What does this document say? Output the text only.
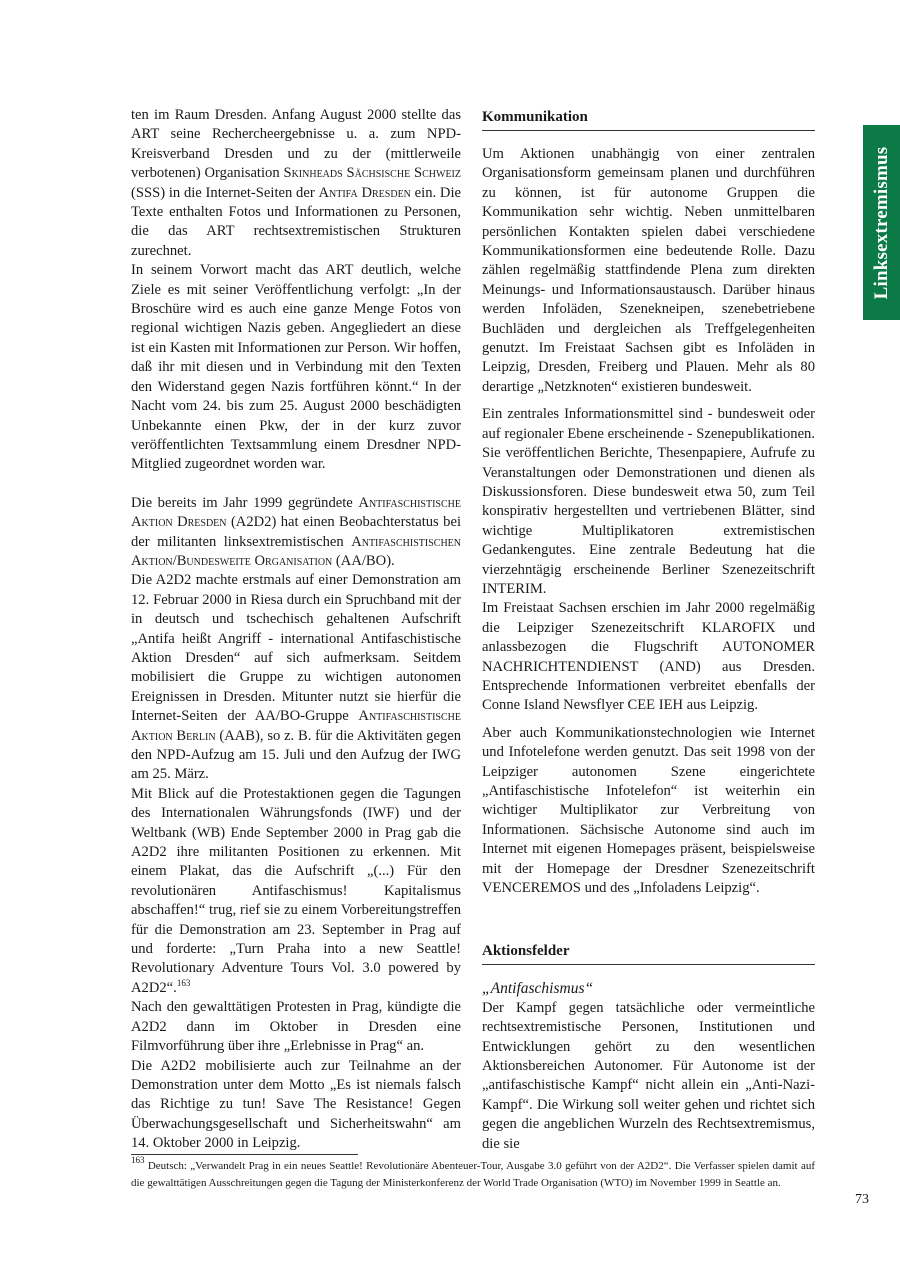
Linksextremismus

ten im Raum Dresden. Anfang August 2000 stellte das ART seine Rechercheergebnisse u. a. zum NPD-Kreisverband Dresden und zu der (mittlerweile verbotenen) Organisation Skinheads Sächsische Schweiz (SSS) in die Internet-Seiten der Antifa Dresden ein. Die Texte enthalten Fotos und Informationen zu Personen, die das ART rechtsextremistischen Strukturen zurechnet.

In seinem Vorwort macht das ART deutlich, welche Ziele es mit seiner Veröffentlichung verfolgt: „In der Broschüre wird es auch eine ganze Menge Fotos von regional wichtigen Nazis geben. Angegliedert an diese ist ein Kasten mit Informationen zur Person. Wir hoffen, daß ihr mit diesen und in Verbindung mit den Texten den Widerstand gegen Nazis fortführen könnt.“ In der Nacht vom 24. bis zum 25. August 2000 beschädigten Unbekannte einen Pkw, der in der kurz zuvor veröffentlichten Textsammlung einem Dresdner NPD-Mitglied zugeordnet worden war.

Die bereits im Jahr 1999 gegründete Antifaschistische Aktion Dresden (A2D2) hat einen Beobachterstatus bei der militanten linksextremistischen Antifaschistischen Aktion/Bundesweite Organisation (AA/BO).

Die A2D2 machte erstmals auf einer Demonstration am 12. Februar 2000 in Riesa durch ein Spruchband mit der in deutsch und tschechisch gehaltenen Aufschrift „Antifa heißt Angriff - international Antifaschistische Aktion Dresden“ auf sich aufmerksam. Seitdem mobilisiert die Gruppe zu wichtigen autonomen Ereignissen in Dresden. Mitunter nutzt sie hierfür die Internet-Seiten der AA/BO-Gruppe Antifaschistische Aktion Berlin (AAB), so z. B. für die Aktivitäten gegen den NPD-Aufzug am 15. Juli und den Aufzug der IWG am 25. März.

Mit Blick auf die Protestaktionen gegen die Tagungen des Internationalen Währungsfonds (IWF) und der Weltbank (WB) Ende September 2000 in Prag gab die A2D2 ihre militanten Positionen zu erkennen. Mit einem Plakat, das die Aufschrift „(...) Für den revolutionären Antifaschismus! Kapitalismus abschaffen!“ trug, rief sie zu einem Vorbereitungstreffen für die Demonstration am 23. September in Prag auf und forderte: „Turn Praha into a new Seattle! Revolutionary Adventure Tours Vol. 3.0 powered by A2D2“.$^{163}$

Nach den gewalttätigen Protesten in Prag, kündigte die A2D2 dann im Oktober in Dresden eine Filmvorführung über ihre „Erlebnisse in Prag“ an.

Die A2D2 mobilisierte auch zur Teilnahme an der Demonstration unter dem Motto „Es ist niemals falsch das Richtige zu tun! Save The Resistance! Gegen Überwachungsgesellschaft und Sicherheitswahn“ am 14. Oktober 2000 in Leipzig.

Kommunikation

Um Aktionen unabhängig von einer zentralen Organisationsform gemeinsam planen und durchführen zu können, ist für autonome Gruppen die Kommunikation sehr wichtig. Neben unmittelbaren persönlichen Kontakten spielen dabei verschiedene Kommunikationsformen eine bedeutende Rolle. Dazu zählen regelmäßig stattfindende Plena zum direkten Meinungs- und Informationsaustausch. Darüber hinaus werden Infoläden, Szenekneipen, szenebetriebene Buchläden und dergleichen als Treffgelegenheiten genutzt. Im Freistaat Sachsen gibt es Infoläden in Leipzig, Dresden, Freiberg und Plauen. Mehr als 80 derartige „Netzknoten“ existieren bundesweit.

Ein zentrales Informationsmittel sind - bundesweit oder auf regionaler Ebene erscheinende - Szenepublikationen. Sie veröffentlichen Berichte, Thesenpapiere, Aufrufe zu Veranstaltungen oder Demonstrationen und dienen als Diskussionsforen. Diese bundesweit etwa 50, zum Teil konspirativ hergestellten und vertriebenen Blätter, sind wichtige Multiplikatoren extremistischen Gedankengutes. Eine zentrale Bedeutung hat die vierzehntägig erscheinende Berliner Szenezeitschrift INTERIM.

Im Freistaat Sachsen erschien im Jahr 2000 regelmäßig die Leipziger Szenezeitschrift KLAROFIX und anlassbezogen die Flugschrift AUTONOMER NACHRICHTENDIENST (AND) aus Dresden. Entsprechende Informationen verbreitet ebenfalls der Conne Island Newsflyer CEE IEH aus Leipzig.

Aber auch Kommunikationstechnologien wie Internet und Infotelefone werden genutzt. Das seit 1998 von der Leipziger autonomen Szene eingerichtete „Antifaschistische Infotelefon“ ist weiterhin ein wichtiger Multiplikator zur Verbreitung von Informationen. Sächsische Autonome sind auch im Internet mit eigenen Homepages präsent, beispielsweise mit der Homepage der Dresdner Szenezeitschrift VENCEREMOS und des „Infoladens Leipzig“.

Aktionsfelder

„Antifaschismus“

Der Kampf gegen tatsächliche oder vermeintliche rechtsextremistische Personen, Institutionen und Entwicklungen gehört zu den wesentlichen Aktionsbereichen Autonomer. Für Autonome ist der „antifaschistische Kampf“ nicht allein ein „Anti-Nazi-Kampf“. Die Wirkung soll weiter gehen und richtet sich gegen die angeblichen Wurzeln des Rechtsextremismus, die sie

$^{163}$ Deutsch: „Verwandelt Prag in ein neues Seattle! Revolutionäre Abenteuer-Tour, Ausgabe 3.0 geführt von der A2D2“. Die Verfasser spielen damit auf die gewalttätigen Ausschreitungen gegen die Tagung der Ministerkonferenz der World Trade Organisation (WTO) im November 1999 in Seattle an.
73
